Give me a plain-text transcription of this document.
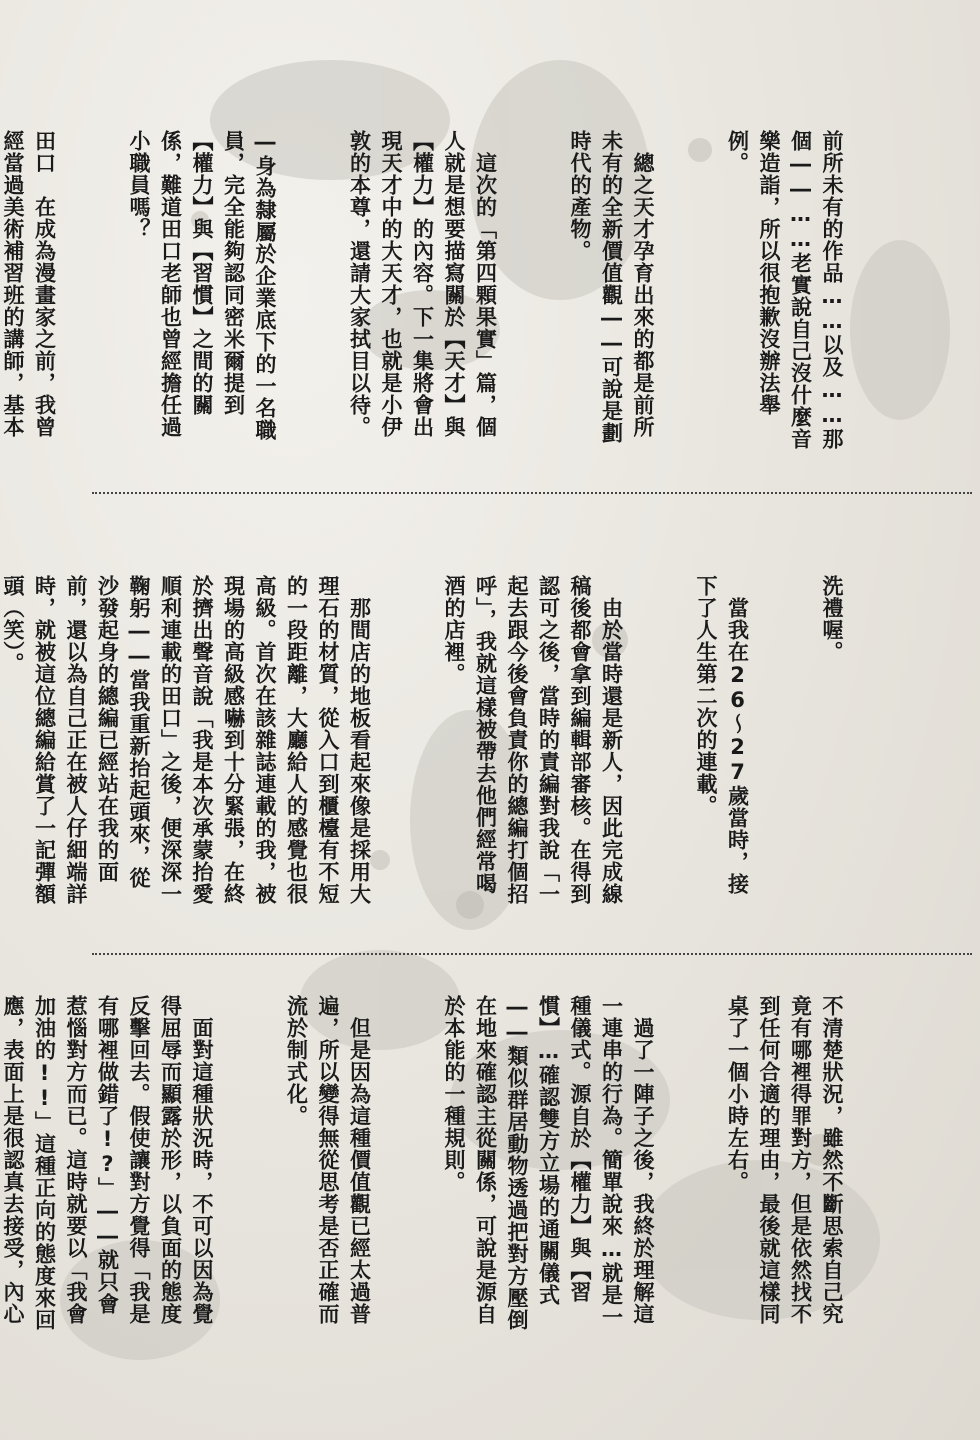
前所未有的作品……以及……那個――……老實說自己沒什麼音樂造詣，所以很抱歉沒辦法舉例。

　總之天才孕育出來的都是前所未有的全新價值觀――可說是劃時代的產物。

　這次的「第四顆果實」篇，個人就是想要描寫關於【天才】與【權力】的內容。下一集將會出現天才中的大天才，也就是小伊敦的本尊，還請大家拭目以待。

―身為隸屬於企業底下的一名職員，完全能夠認同密米爾提到【權力】與【習慣】之間的關係，難道田口老師也曾經擔任過小職員嗎？

田口　在成為漫畫家之前，我曾經當過美術補習班的講師，基本

洗禮喔。

　當我在26～27歲當時，接下了人生第二次的連載。

　由於當時還是新人，因此完成線稿後都會拿到編輯部審核。在得到認可之後，當時的責編對我說「一起去跟今後會負責你的總編打個招呼」，我就這樣被帶去他們經常喝酒的店裡。

　那間店的地板看起來像是採用大理石的材質，從入口到櫃檯有不短的一段距離，大廳給人的感覺也很高級。首次在該雜誌連載的我，被現場的高級感嚇到十分緊張，在終於擠出聲音說「我是本次承蒙抬愛順利連載的田口」之後，便深深一鞠躬――當我重新抬起頭來，從沙發起身的總編已經站在我的面前，還以為自己正在被人仔細端詳時，就被這位總編給賞了一記彈額頭（笑）。

不清楚狀況，雖然不斷思索自己究竟有哪裡得罪對方，但是依然找不到任何合適的理由，最後就這樣同桌了一個小時左右。

　過了一陣子之後，我終於理解這一連串的行為。簡單說來…就是一種儀式。源自於【權力】與【習慣】…確認雙方立場的通關儀式――類似群居動物透過把對方壓倒在地來確認主從關係，可說是源自於本能的一種規則。

　但是因為這種價值觀已經太過普遍，所以變得無從思考是否正確而流於制式化。

　面對這種狀況時，不可以因為覺得屈辱而顯露於形，以負面的態度反擊回去。假使讓對方覺得「我是有哪裡做錯了!?」――就只會惹惱對方而已。這時就要以「我會加油的!!」這種正向的態度來回應，表面上是很認真去接受，內心
